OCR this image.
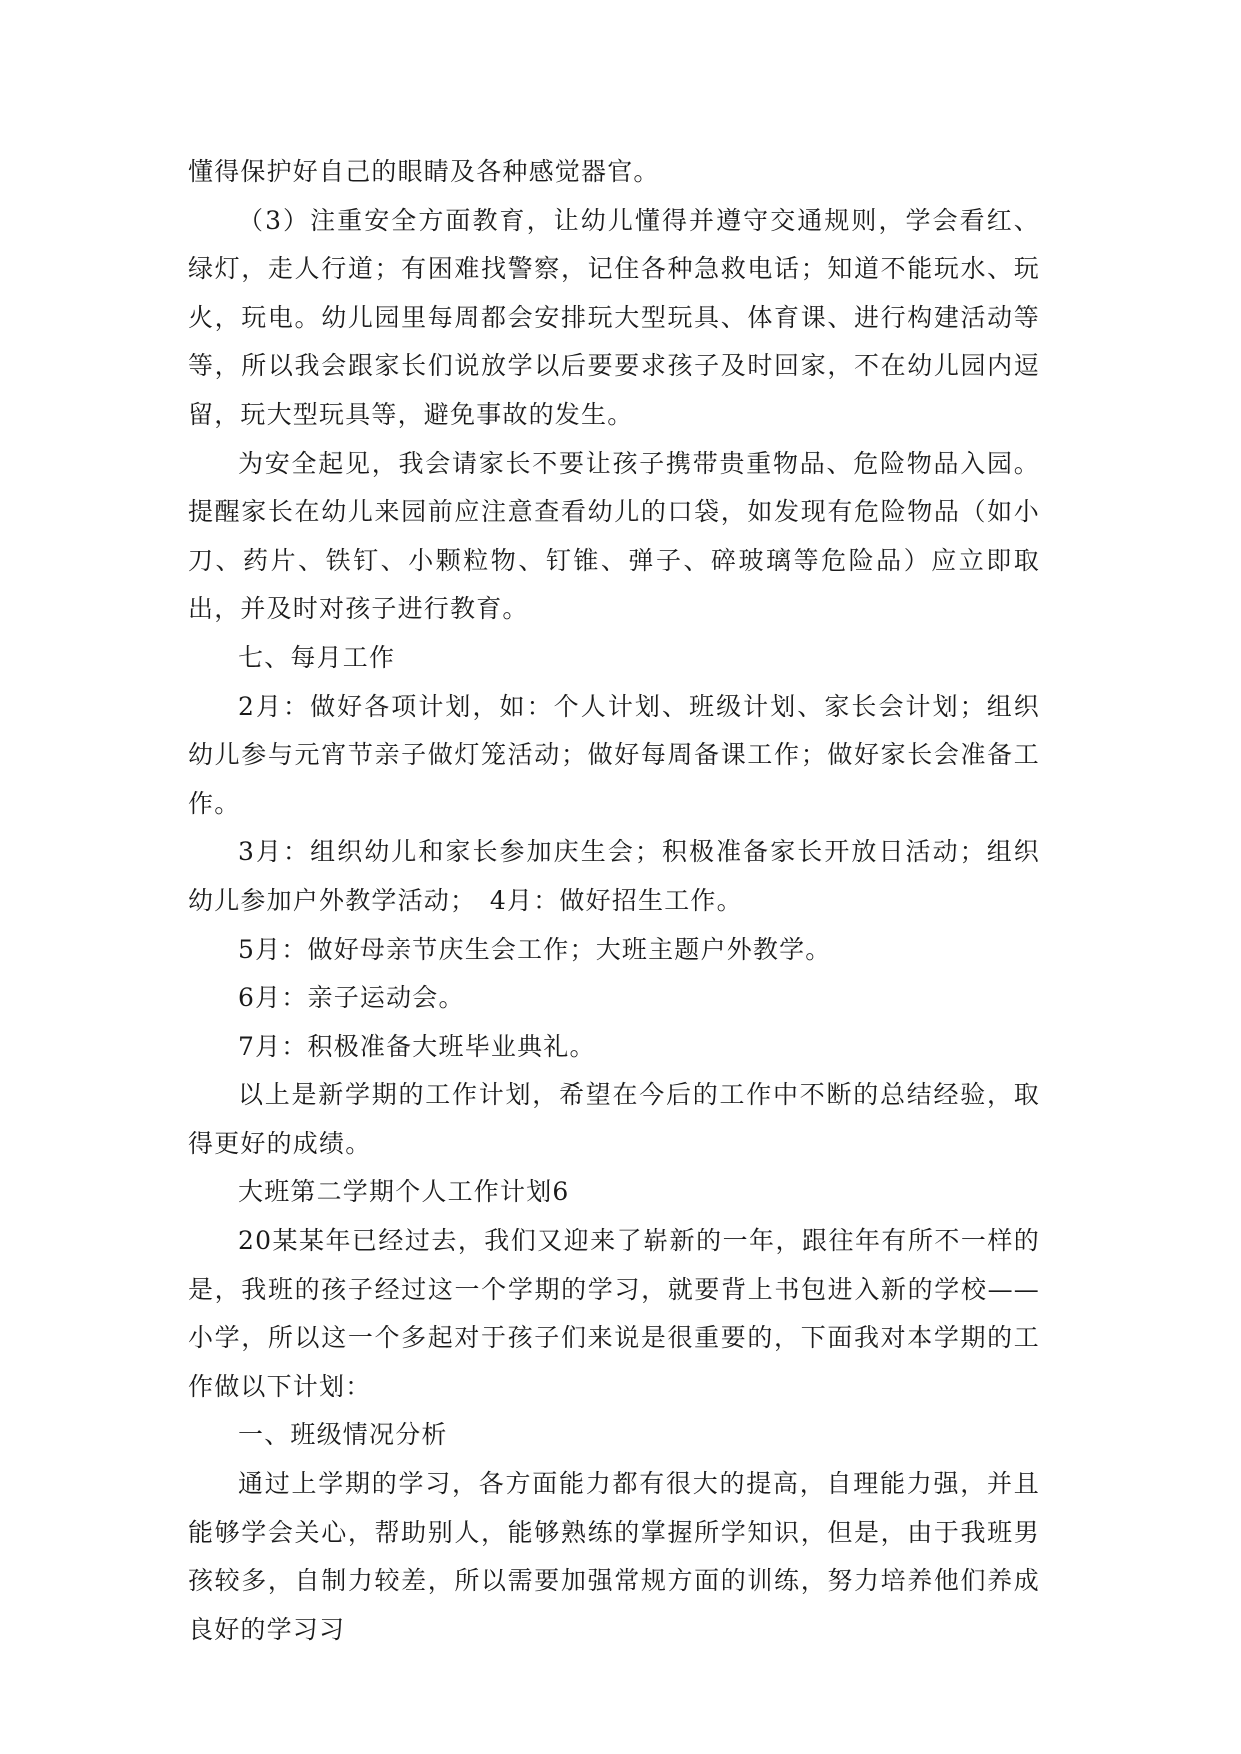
懂得保护好自己的眼睛及各种感觉器官。

（3）注重安全方面教育，让幼儿懂得并遵守交通规则，学会看红、绿灯，走人行道；有困难找警察，记住各种急救电话；知道不能玩水、玩火，玩电。幼儿园里每周都会安排玩大型玩具、体育课、进行构建活动等等，所以我会跟家长们说放学以后要要求孩子及时回家，不在幼儿园内逗留，玩大型玩具等，避免事故的发生。

为安全起见，我会请家长不要让孩子携带贵重物品、危险物品入园。提醒家长在幼儿来园前应注意查看幼儿的口袋，如发现有危险物品（如小刀、药片、铁钉、小颗粒物、钉锥、弹子、碎玻璃等危险品）应立即取出，并及时对孩子进行教育。

七、每月工作

2月：做好各项计划，如：个人计划、班级计划、家长会计划；组织幼儿参与元宵节亲子做灯笼活动；做好每周备课工作；做好家长会准备工作。

3月：组织幼儿和家长参加庆生会；积极准备家长开放日活动；组织幼儿参加户外教学活动；　4月：做好招生工作。

5月：做好母亲节庆生会工作；大班主题户外教学。

6月：亲子运动会。

7月：积极准备大班毕业典礼。

以上是新学期的工作计划，希望在今后的工作中不断的总结经验，取得更好的成绩。

大班第二学期个人工作计划6

20某某年已经过去，我们又迎来了崭新的一年，跟往年有所不一样的是，我班的孩子经过这一个学期的学习，就要背上书包进入新的学校——小学，所以这一个多起对于孩子们来说是很重要的，下面我对本学期的工作做以下计划：

一、班级情况分析

通过上学期的学习，各方面能力都有很大的提高，自理能力强，并且能够学会关心，帮助别人，能够熟练的掌握所学知识，但是，由于我班男孩较多，自制力较差，所以需要加强常规方面的训练，努力培养他们养成良好的学习习
